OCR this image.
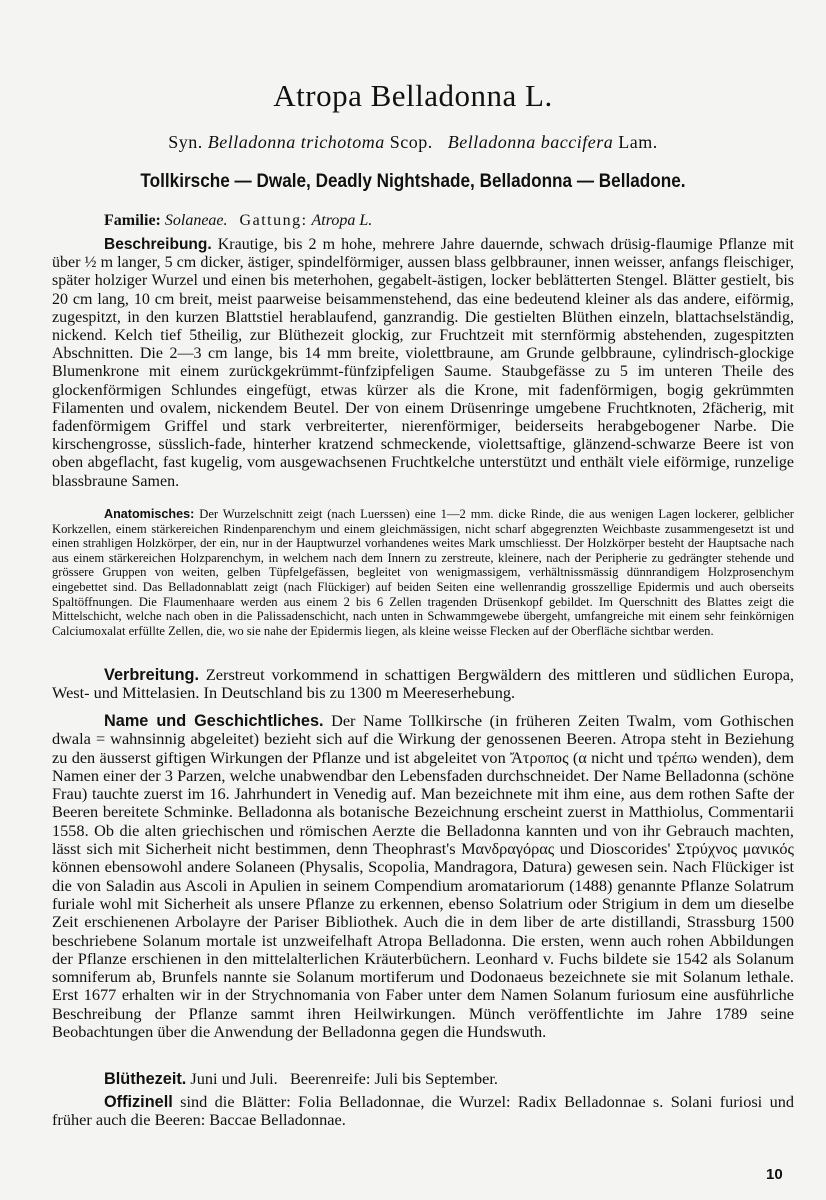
Atropa Belladonna L.
Syn. Belladonna trichotoma Scop. Belladonna baccifera Lam.
Tollkirsche — Dwale, Deadly Nightshade, Belladonna — Belladone.
Familie: Solaneae. Gattung: Atropa L.
Beschreibung. Krautige, bis 2 m hohe, mehrere Jahre dauernde, schwach drüsig-flaumige Pflanze mit über ½ m langer, 5 cm dicker, ästiger, spindelförmiger, aussen blass gelbbrauner, innen weisser, anfangs fleischiger, später holziger Wurzel und einen bis meterhohen, gegabelt-ästigen, locker beblätterten Stengel. Blätter gestielt, bis 20 cm lang, 10 cm breit, meist paarweise beisammenstehend, das eine bedeutend kleiner als das andere, eiförmig, zugespitzt, in den kurzen Blattstiel herablaufend, ganzrandig. Die gestielten Blüthen einzeln, blattachselständig, nickend. Kelch tief 5theilig, zur Blüthezeit glockig, zur Fruchtzeit mit sternförmig abstehenden, zugespitzten Abschnitten. Die 2—3 cm lange, bis 14 mm breite, violettbraune, am Grunde gelbbraune, cylindrisch-glockige Blumenkrone mit einem zurückgekrümmt-fünfzipfeligen Saume. Staubgefässe zu 5 im unteren Theile des glockenförmigen Schlundes eingefügt, etwas kürzer als die Krone, mit fadenförmigen, bogig gekrümmten Filamenten und ovalem, nickendem Beutel. Der von einem Drüsenringe umgebene Fruchtknoten, 2fächerig, mit fadenförmigem Griffel und stark verbreiterter, nierenförmiger, beiderseits herabgebogener Narbe. Die kirschengrosse, süsslich-fade, hinterher kratzend schmeckende, violettsaftige, glänzend-schwarze Beere ist von oben abgeflacht, fast kugelig, vom ausgewachsenen Fruchtkelche unterstützt und enthält viele eiförmige, runzelige blassbraune Samen.
Anatomisches: Der Wurzelschnitt zeigt (nach Luerssen) eine 1—2 mm. dicke Rinde, die aus wenigen Lagen lockerer, gelblicher Korkzellen, einem stärkereichen Rindenparenchym und einem gleichmässigen, nicht scharf abgegrenzten Weichbaste zusammengesetzt ist und einen strahligen Holzkörper, der ein, nur in der Hauptwurzel vorhandenes weites Mark umschliesst. Der Holzkörper besteht der Hauptsache nach aus einem stärkereichen Holzparenchym, in welchem nach dem Innern zu zerstreute, kleinere, nach der Peripherie zu gedrängter stehende und grössere Gruppen von weiten, gelben Tüpfelgefässen, begleitet von wenigmassigem, verhältnissmässig dünnrandigem Holzprosenchym eingebettet sind. Das Belladonnablatt zeigt (nach Flückiger) auf beiden Seiten eine wellenrandig grosszellige Epidermis und auch oberseits Spaltöffnungen. Die Flaumenhaare werden aus einem 2 bis 6 Zellen tragenden Drüsenkopf gebildet. Im Querschnitt des Blattes zeigt die Mittelschicht, welche nach oben in die Palissadenschicht, nach unten in Schwammgewebe übergeht, umfangreiche mit einem sehr feinkörnigen Calciumoxalat erfüllte Zellen, die, wo sie nahe der Epidermis liegen, als kleine weisse Flecken auf der Oberfläche sichtbar werden.
Verbreitung. Zerstreut vorkommend in schattigen Bergwäldern des mittleren und südlichen Europa, West- und Mittelasien. In Deutschland bis zu 1300 m Meereserhebung.
Name und Geschichtliches. Der Name Tollkirsche (in früheren Zeiten Twalm, vom Gothischen dwala = wahnsinnig abgeleitet) bezieht sich auf die Wirkung der genossenen Beeren. Atropa steht in Beziehung zu den äusserst giftigen Wirkungen der Pflanze und ist abgeleitet von Ἄτροπος (α nicht und τρέπω wenden), dem Namen einer der 3 Parzen, welche unabwendbar den Lebensfaden durchschneidet. Der Name Belladonna (schöne Frau) tauchte zuerst im 16. Jahrhundert in Venedig auf. Man bezeichnete mit ihm eine, aus dem rothen Safte der Beeren bereitete Schminke. Belladonna als botanische Bezeichnung erscheint zuerst in Matthiolus, Commentarii 1558. Ob die alten griechischen und römischen Aerzte die Belladonna kannten und von ihr Gebrauch machten, lässt sich mit Sicherheit nicht bestimmen, denn Theophrast's Μανδραγόρας und Dioscorides' Στρύχνος μανικός können ebensowohl andere Solaneen (Physalis, Scopolia, Mandragora, Datura) gewesen sein. Nach Flückiger ist die von Saladin aus Ascoli in Apulien in seinem Compendium aromatariorum (1488) genannte Pflanze Solatrum furiale wohl mit Sicherheit als unsere Pflanze zu erkennen, ebenso Solatrium oder Strigium in dem um dieselbe Zeit erschienenen Arbolayre der Pariser Bibliothek. Auch die in dem liber de arte distillandi, Strassburg 1500 beschriebene Solanum mortale ist unzweifelhaft Atropa Belladonna. Die ersten, wenn auch rohen Abbildungen der Pflanze erschienen in den mittelalterlichen Kräuterbüchern. Leonhard v. Fuchs bildete sie 1542 als Solanum somniferum ab, Brunfels nannte sie Solanum mortiferum und Dodonaeus bezeichnete sie mit Solanum lethale. Erst 1677 erhalten wir in der Strychnomania von Faber unter dem Namen Solanum furiosum eine ausführliche Beschreibung der Pflanze sammt ihren Heilwirkungen. Münch veröffentlichte im Jahre 1789 seine Beobachtungen über die Anwendung der Belladonna gegen die Hundswuth.
Blüthezeit. Juni und Juli. Beerenreife: Juli bis September.
Offizinell sind die Blätter: Folia Belladonnae, die Wurzel: Radix Belladonnae s. Solani furiosi und früher auch die Beeren: Baccae Belladonnae.
10
